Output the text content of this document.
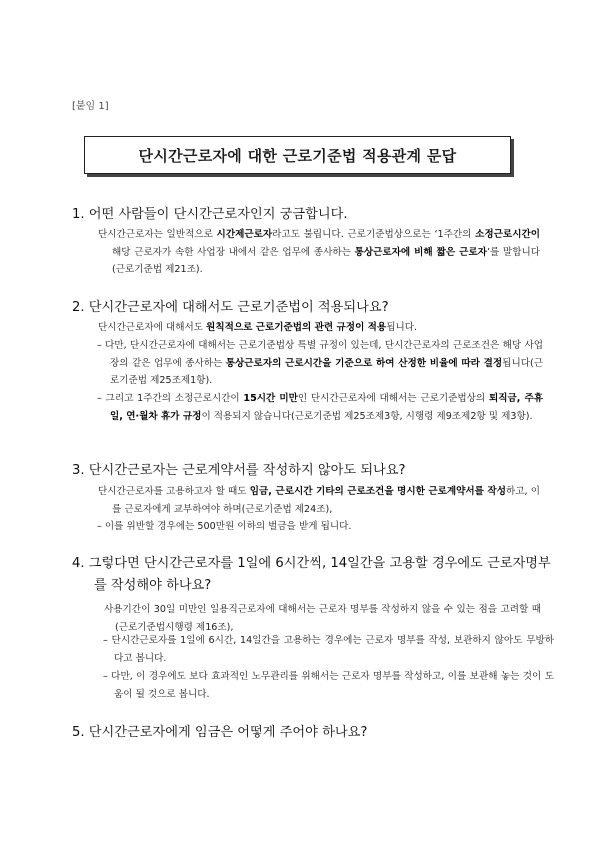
[붙임 1]
단시간근로자에 대한 근로기준법 적용관계 문답
1. 어떤 사람들이 단시간근로자인지 궁금합니다.
단시간근로자는 일반적으로 시간제근로자라고도 불립니다. 근로기준법상으로는 ‘1주간의 소정근로시간이 해당 근로자가 속한 사업장 내에서 같은 업무에 종사하는 통상근로자에 비해 짧은 근로자’를 말합니다(근로기준법 제21조).
2. 단시간근로자에 대해서도 근로기준법이 적용되나요?
단시간근로자에 대해서도 원칙적으로 근로기준법의 관련 규정이 적용됩니다.
– 다만, 단시간근로자에 대해서는 근로기준법상 특별 규정이 있는데, 단시간근로자의 근로조건은 해당 사업장의 같은 업무에 종사하는 통상근로자의 근로시간을 기준으로 하여 산정한 비율에 따라 결정됩니다(근로기준법 제25조제1항).
– 그리고 1주간의 소정근로시간이 15시간 미만인 단시간근로자에 대해서는 근로기준법상의 퇴직금, 주휴일, 연·월차 휴가 규정이 적용되지 않습니다(근로기준법 제25조제3항, 시행령 제9조제2항 및 제3항).
3. 단시간근로자는 근로계약서를 작성하지 않아도 되나요?
단시간근로자를 고용하고자 할 때도 임금, 근로시간 기타의 근로조건을 명시한 근로계약서를 작성하고, 이를 근로자에게 교부하여야 하며(근로기준법 제24조),
– 이를 위반할 경우에는 500만원 이하의 벌금을 받게 됩니다.
4. 그렇다면 단시간근로자를 1일에 6시간씩, 14일간을 고용할 경우에도 근로자명부를 작성해야 하나요?
사용기간이 30일 미만인 일용직근로자에 대해서는 근로자 명부를 작성하지 않을 수 있는 점을 고려할 때(근로기준법시행령 제16조),
– 단시간근로자를 1일에 6시간, 14일간을 고용하는 경우에는 근로자 명부를 작성, 보관하지 않아도 무방하다고 봅니다.
– 다만, 이 경우에도 보다 효과적인 노무관리를 위해서는 근로자 명부를 작성하고, 이를 보관해 놓는 것이 도움이 될 것으로 봅니다.
5. 단시간근로자에게 임금은 어떻게 주어야 하나요?
